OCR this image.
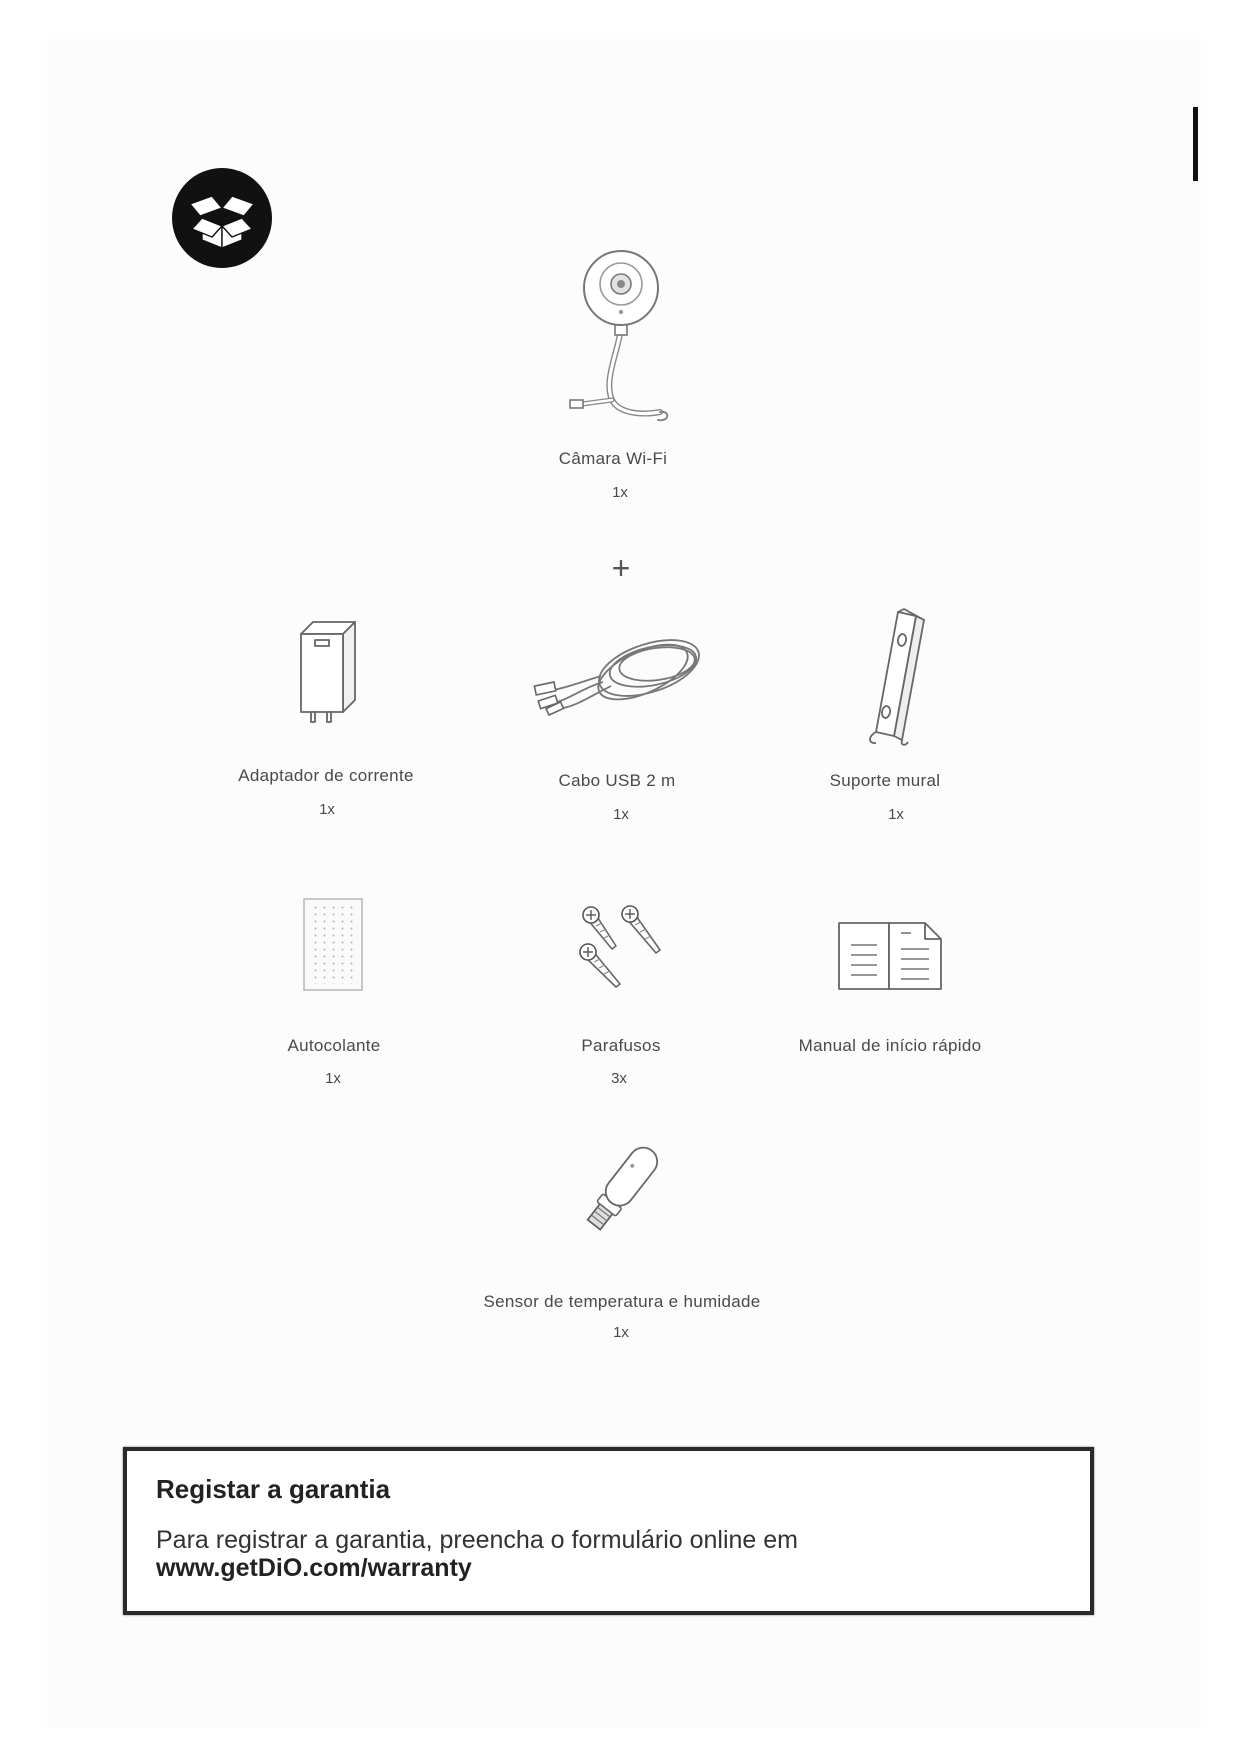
Câmara Wi-Fi
1x
+
Adaptador de corrente
1x
Cabo USB 2 m
1x
Suporte mural
1x
Autocolante
1x
Parafusos
3x
Manual de início rápido
Sensor de temperatura e humidade
1x
Registar a garantia
Para registrar a garantia, preencha o formulário online em
www.getDiO.com/warranty
